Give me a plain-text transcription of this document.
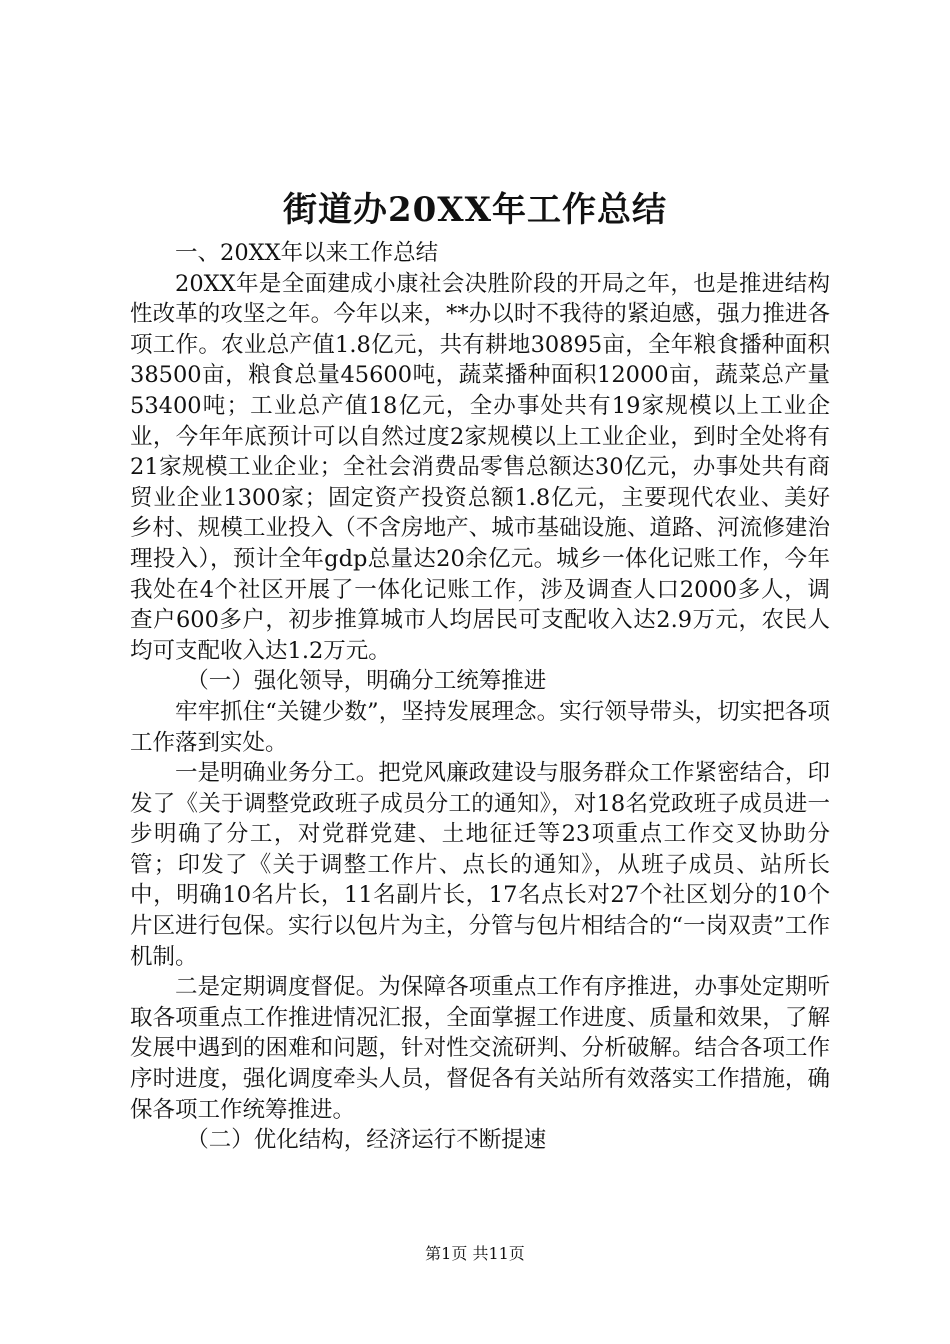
街道办20XX年工作总结

一、20XX年以来工作总结

20XX年是全面建成小康社会决胜阶段的开局之年，也是推进结构性改革的攻坚之年。今年以来，**办以时不我待的紧迫感，强力推进各项工作。农业总产值1.8亿元，共有耕地30895亩，全年粮食播种面积38500亩，粮食总量45600吨，蔬菜播种面积12000亩，蔬菜总产量53400吨；工业总产值18亿元，全办事处共有19家规模以上工业企业，今年年底预计可以自然过度2家规模以上工业企业，到时全处将有21家规模工业企业；全社会消费品零售总额达30亿元，办事处共有商贸业企业1300家；固定资产投资总额1.8亿元，主要现代农业、美好乡村、规模工业投入（不含房地产、城市基础设施、道路、河流修建治理投入），预计全年gdp总量达20余亿元。城乡一体化记账工作，今年我处在4个社区开展了一体化记账工作，涉及调查人口2000多人，调查户600多户，初步推算城市人均居民可支配收入达2.9万元，农民人均可支配收入达1.2万元。

（一）强化领导，明确分工统筹推进

牢牢抓住“关键少数”，坚持发展理念。实行领导带头，切实把各项工作落到实处。

一是明确业务分工。把党风廉政建设与服务群众工作紧密结合，印发了《关于调整党政班子成员分工的通知》，对18名党政班子成员进一步明确了分工，对党群党建、土地征迁等23项重点工作交叉协助分管；印发了《关于调整工作片、点长的通知》，从班子成员、站所长中，明确10名片长，11名副片长，17名点长对27个社区划分的10个片区进行包保。实行以包片为主，分管与包片相结合的“一岗双责”工作机制。

二是定期调度督促。为保障各项重点工作有序推进，办事处定期听取各项重点工作推进情况汇报，全面掌握工作进度、质量和效果，了解发展中遇到的困难和问题，针对性交流研判、分析破解。结合各项工作序时进度，强化调度牵头人员，督促各有关站所有效落实工作措施，确保各项工作统筹推进。

（二）优化结构，经济运行不断提速

第1页 共11页
